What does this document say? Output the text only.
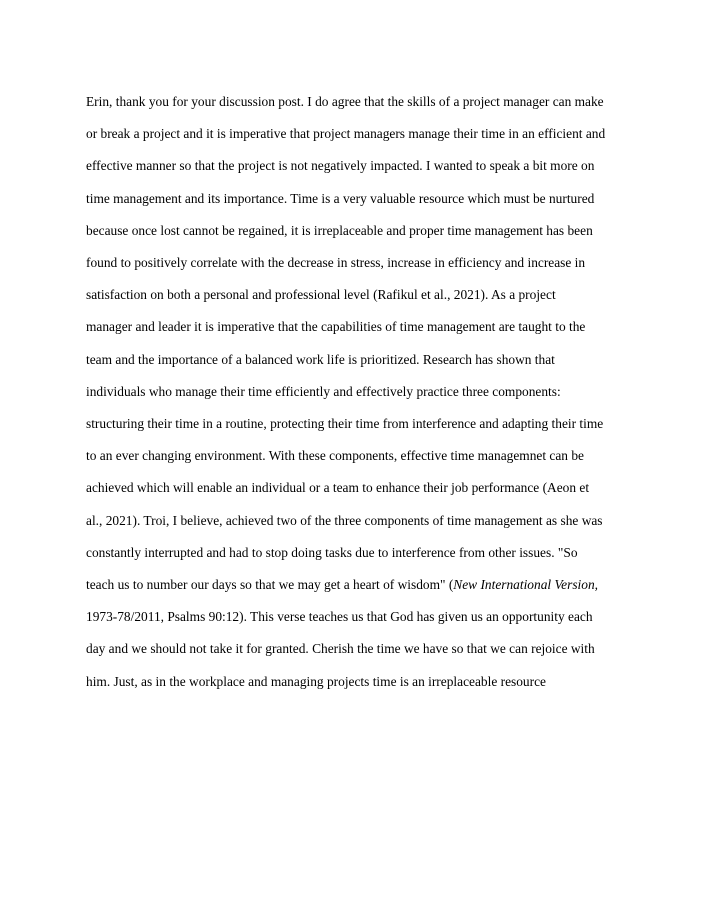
Erin, thank you for your discussion post. I do agree that the skills of a project manager can make
or break a project and it is imperative that project managers manage their time in an efficient and
effective manner so that the project is not negatively impacted. I wanted to speak a bit more on
time management and its importance. Time is a very valuable resource which must be nurtured
because once lost cannot be regained, it is irreplaceable and proper time management has been
found to positively correlate with the decrease in stress, increase in efficiency and increase in
satisfaction on both a personal and professional level (Rafikul et al., 2021). As a project
manager and leader it is imperative that the capabilities of time management are taught to the
team and the importance of a balanced work life is prioritized. Research has shown that
individuals who manage their time efficiently and effectively practice three components:
structuring their time in a routine, protecting their time from interference and adapting their time
to an ever changing environment. With these components, effective time managemnet can be
achieved which will enable an individual or a team to enhance their job performance (Aeon et
al., 2021). Troi, I believe, achieved two of the three components of time management as she was
constantly interrupted and had to stop doing tasks due to interference from other issues. "So
teach us to number our days so that we may get a heart of wisdom" (New International Version,
1973-78/2011, Psalms 90:12). This verse teaches us that God has given us an opportunity each
day and we should not take it for granted. Cherish the time we have so that we can rejoice with
him. Just, as in the workplace and managing projects time is an irreplaceable resource
